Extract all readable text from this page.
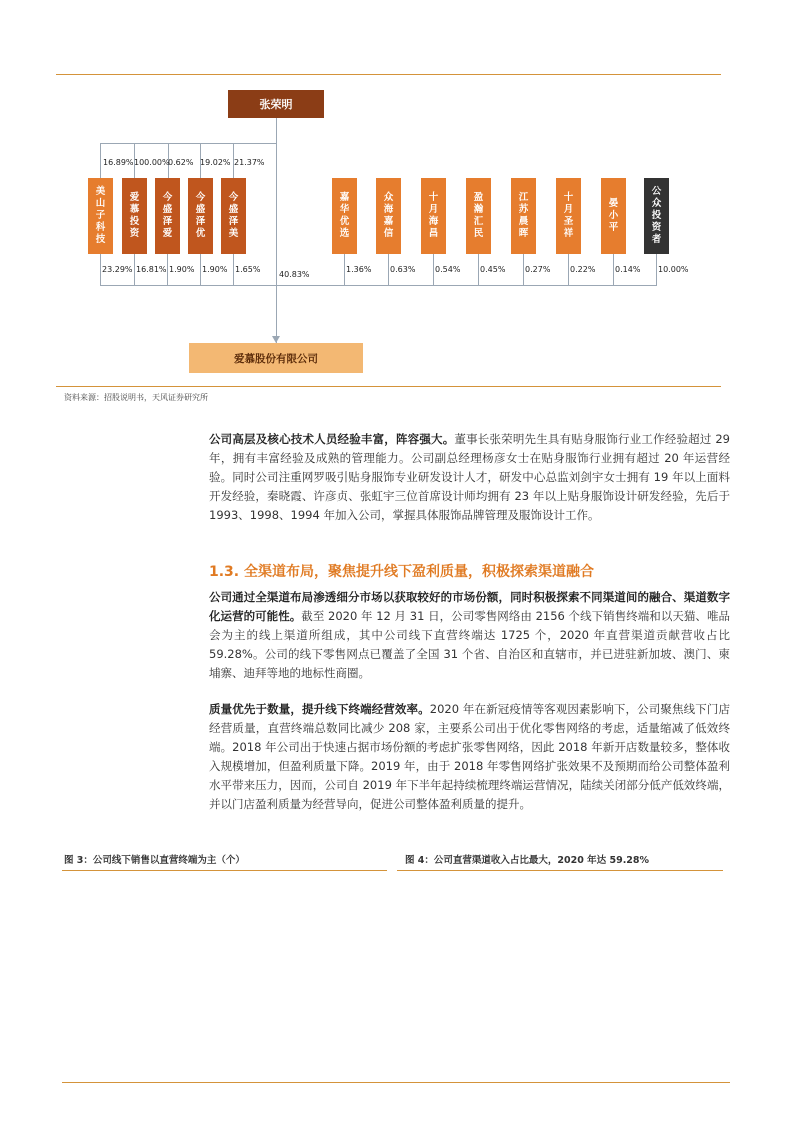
张荣明
16.89% 100.00%
0.62% 19.02% 21.37%
美
山
子
科
技
爱
慕
投
资
今
盛
泽
爱
今
盛
泽
优
今
盛
泽
美
嘉
华
优
选
众
海
嘉
信
十
月
海
昌
盈
瀚
汇
民
江
苏
晨
晖
十
月
圣
祥
晏
小
平
公
众
投
资
者
23.29% 16.81% 1.90% 1.90% 1.65%
40.83%
1.36% 0.63% 0.54% 0.45% 0.27% 0.22% 0.14% 10.00%
爱慕股份有限公司
资料来源：招股说明书，天风证券研究所

公司高层及核心技术人员经验丰富，阵容强大。董事长张荣明先生具有贴身服饰行业工作经验超过 29 年，拥有丰富经验及成熟的管理能力。公司副总经理杨彦女士在贴身服饰行业拥有超过 20 年运营经验。同时公司注重网罗吸引贴身服饰专业研发设计人才，研发中心总监刘剑宇女士拥有 19 年以上面料开发经验，秦晓霞、许彦贞、张虹宇三位首席设计师均拥有 23 年以上贴身服饰设计研发经验，先后于 1993、1998、1994 年加入公司，掌握具体服饰品牌管理及服饰设计工作。

1.3. 全渠道布局，聚焦提升线下盈利质量，积极探索渠道融合

公司通过全渠道布局渗透细分市场以获取较好的市场份额，同时积极探索不同渠道间的融合、渠道数字化运营的可能性。截至 2020 年 12 月 31 日，公司零售网络由 2156 个线下销售终端和以天猫、唯品会为主的线上渠道所组成，其中公司线下直营终端达 1725 个，2020 年直营渠道贡献营收占比 59.28%。公司的线下零售网点已覆盖了全国 31 个省、自治区和直辖市，并已进驻新加坡、澳门、柬埔寨、迪拜等地的地标性商圈。

质量优先于数量，提升线下终端经营效率。2020 年在新冠疫情等客观因素影响下，公司聚焦线下门店经营质量，直营终端总数同比减少 208 家，主要系公司出于优化零售网络的考虑，适量缩减了低效终端。2018 年公司出于快速占据市场份额的考虑扩张零售网络，因此 2018 年新开店数量较多，整体收入规模增加，但盈利质量下降。2019 年，由于 2018 年零售网络扩张效果不及预期而给公司整体盈利水平带来压力，因而，公司自 2019 年下半年起持续梳理终端运营情况，陆续关闭部分低产低效终端，并以门店盈利质量为经营导向，促进公司整体盈利质量的提升。

图 3：公司线下销售以直营终端为主（个）	图 4：公司直营渠道收入占比最大，2020 年达 59.28%
